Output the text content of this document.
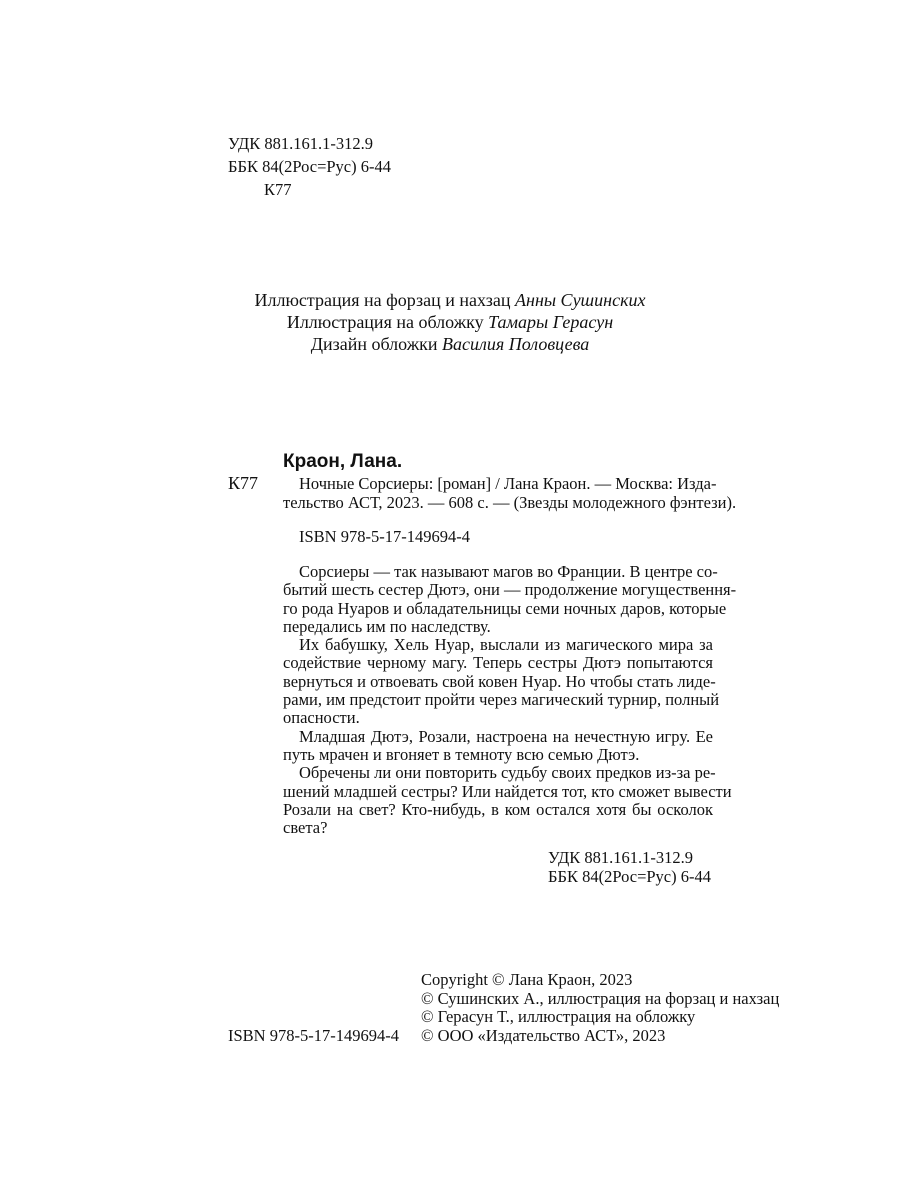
УДК 881.161.1-312.9
ББК 84(2Рос=Рус) 6-44
К77
Иллюстрация на форзац и нахзац Анны Сушинских
Иллюстрация на обложку Тамары Герасун
Дизайн обложки Василия Половцева
Краон, Лана.
К77	Ночные Сорсиеры: [роман] / Лана Краон. — Москва: Изда-
тельство АСТ, 2023. — 608 с. — (Звезды молодежного фэнтези).
ISBN 978-5-17-149694-4
Сорсиеры — так называют магов во Франции. В центре со-
бытий шесть сестер Дютэ, они — продолжение могуществення-
го рода Нуаров и обладательницы семи ночных даров, которые
передались им по наследству.
Их бабушку, Хель Нуар, выслали из магического мира за
содействие черному магу. Теперь сестры Дютэ попытаются
вернуться и отвоевать свой ковен Нуар. Но чтобы стать лиде-
рами, им предстоит пройти через магический турнир, полный
опасности.
Младшая Дютэ, Розали, настроена на нечестную игру. Ее
путь мрачен и вгоняет в темноту всю семью Дютэ.
Обречены ли они повторить судьбу своих предков из-за ре-
шений младшей сестры? Или найдется тот, кто сможет вывести
Розали на свет? Кто-нибудь, в ком остался хотя бы осколок
света?
УДК 881.161.1-312.9
ББК 84(2Рос=Рус) 6-44
Copyright © Лана Краон, 2023
© Сушинских А., иллюстрация на форзац и нахзац
© Герасун Т., иллюстрация на обложку
© ООО «Издательство АСТ», 2023
ISBN 978-5-17-149694-4
